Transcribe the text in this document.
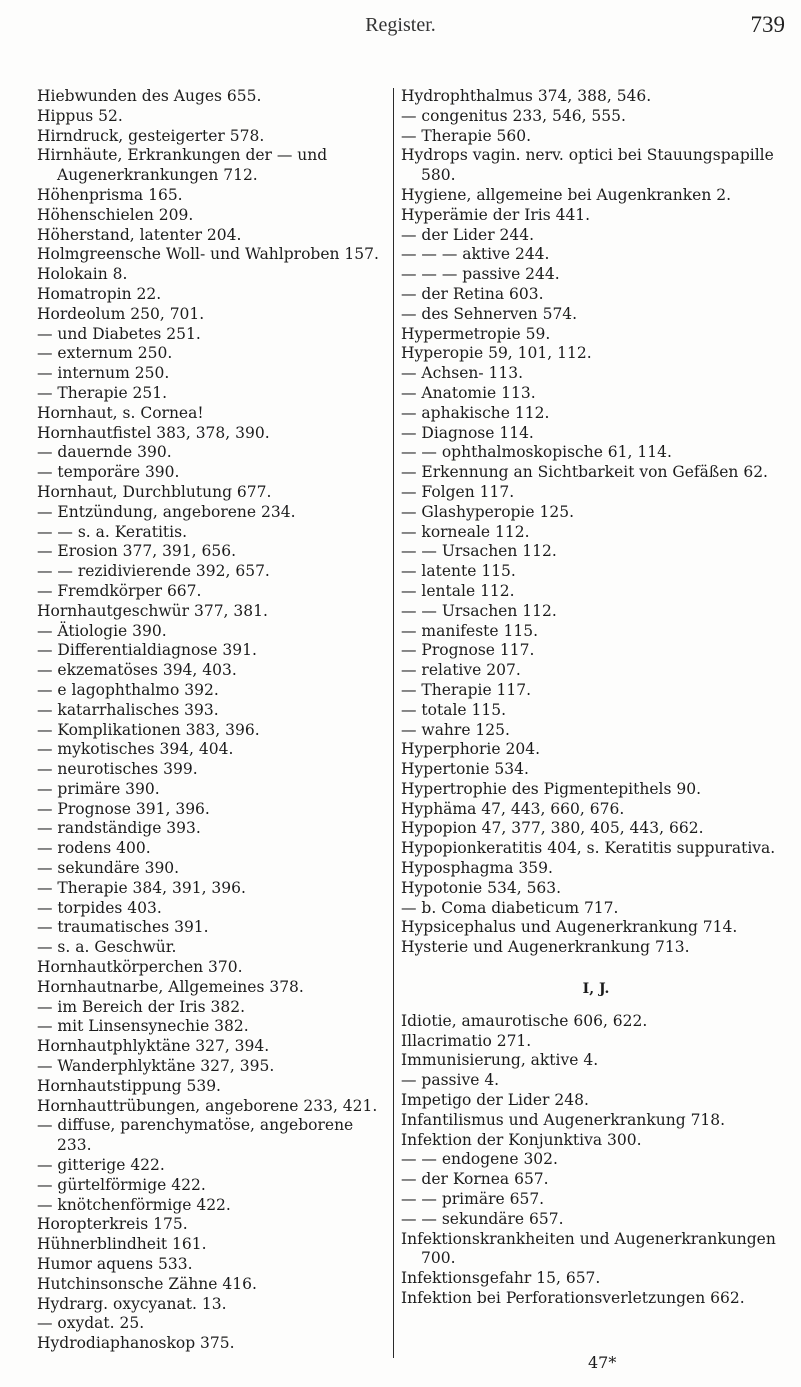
Register.	739
Hiebwunden des Auges 655.
Hippus 52.
Hirndruck, gesteigerter 578.
Hirnhäute, Erkrankungen der — und Augenerkrankungen 712.
Höhenprisma 165.
Höhenschielen 209.
Höherstand, latenter 204.
Holmgreensche Woll- und Wahlproben 157.
Holokain 8.
Homatropin 22.
Hordeolum 250, 701.
— und Diabetes 251.
— externum 250.
— internum 250.
— Therapie 251.
Hornhaut, s. Cornea!
Hornhautfistel 383, 378, 390.
— dauernde 390.
— temporäre 390.
Hornhaut, Durchblutung 677.
— Entzündung, angeborene 234.
— — s. a. Keratitis.
— Erosion 377, 391, 656.
— — rezidivierende 392, 657.
— Fremdkörper 667.
Hornhautgeschwür 377, 381.
— Ätiologie 390.
— Differentialdiagnose 391.
— ekzematöses 394, 403.
— e lagophthalmo 392.
— katarrhalisches 393.
— Komplikationen 383, 396.
— mykotisches 394, 404.
— neurotisches 399.
— primäre 390.
— Prognose 391, 396.
— randständige 393.
— rodens 400.
— sekundäre 390.
— Therapie 384, 391, 396.
— torpides 403.
— traumatisches 391.
— s. a. Geschwür.
Hornhautkörperchen 370.
Hornhautnarbe, Allgemeines 378.
— im Bereich der Iris 382.
— mit Linsensynechie 382.
Hornhautphlyktäne 327, 394.
— Wanderphlyktäne 327, 395.
Hornhautstippung 539.
Hornhauttrübungen, angeborene 233, 421.
— diffuse, parenchymatöse, angeborene 233.
— gitterige 422.
— gürtelförmige 422.
— knötchenförmige 422.
Horopterkreis 175.
Hühnerblindheit 161.
Humor aquens 533.
Hutchinsonsche Zähne 416.
Hydrarg. oxycyanat. 13.
— oxydat. 25.
Hydrodiaphanoskop 375.
Hydrophthalmus 374, 388, 546.
— congenitus 233, 546, 555.
— Therapie 560.
Hydrops vagin. nerv. optici bei Stauungspapille 580.
Hygiene, allgemeine bei Augenkranken 2.
Hyperämie der Iris 441.
— der Lider 244.
— — — aktive 244.
— — — passive 244.
— der Retina 603.
— des Sehnerven 574.
Hypermetropie 59.
Hyperopie 59, 101, 112.
— Achsen- 113.
— Anatomie 113.
— aphakische 112.
— Diagnose 114.
— — ophthalmoskopische 61, 114.
— Erkennung an Sichtbarkeit von Gefäßen 62.
— Folgen 117.
— Glashyperopie 125.
— korneale 112.
— — Ursachen 112.
— latente 115.
— lentale 112.
— — Ursachen 112.
— manifeste 115.
— Prognose 117.
— relative 207.
— Therapie 117.
— totale 115.
— wahre 125.
Hyperphorie 204.
Hypertonie 534.
Hypertrophie des Pigmentepithels 90.
Hyphäma 47, 443, 660, 676.
Hypopion 47, 377, 380, 405, 443, 662.
Hypopionkeratitis 404, s. Keratitis suppurativa.
Hyposphagma 359.
Hypotonie 534, 563.
— b. Coma diabeticum 717.
Hypsicephalus und Augenerkrankung 714.
Hysterie und Augenerkrankung 713.
I, J.
Idiotie, amaurotische 606, 622.
Illacrimatio 271.
Immunisierung, aktive 4.
— passive 4.
Impetigo der Lider 248.
Infantilismus und Augenerkrankung 718.
Infektion der Konjunktiva 300.
— — endogene 302.
— der Kornea 657.
— — primäre 657.
— — sekundäre 657.
Infektionskrankheiten und Augenerkrankungen 700.
Infektionsgefahr 15, 657.
Infektion bei Perforationsverletzungen 662.
47*
